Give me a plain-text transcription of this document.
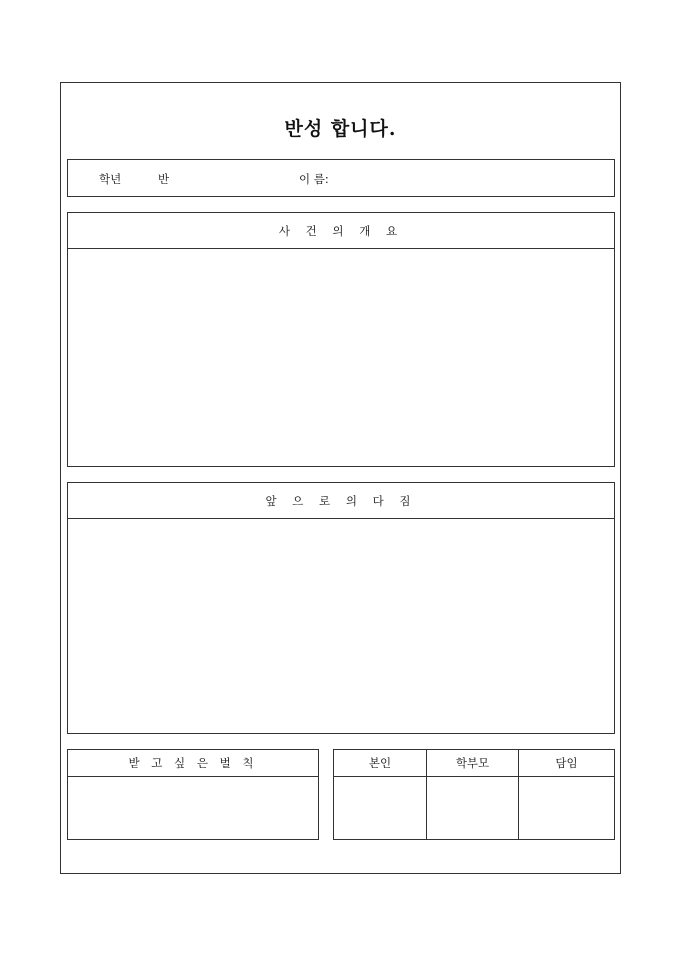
반성 합니다.
학년	반	이 름:
사 건 의 개 요
앞 으 로 의 다 짐
받 고 싶 은 벌 칙	본인	학부모	담임
